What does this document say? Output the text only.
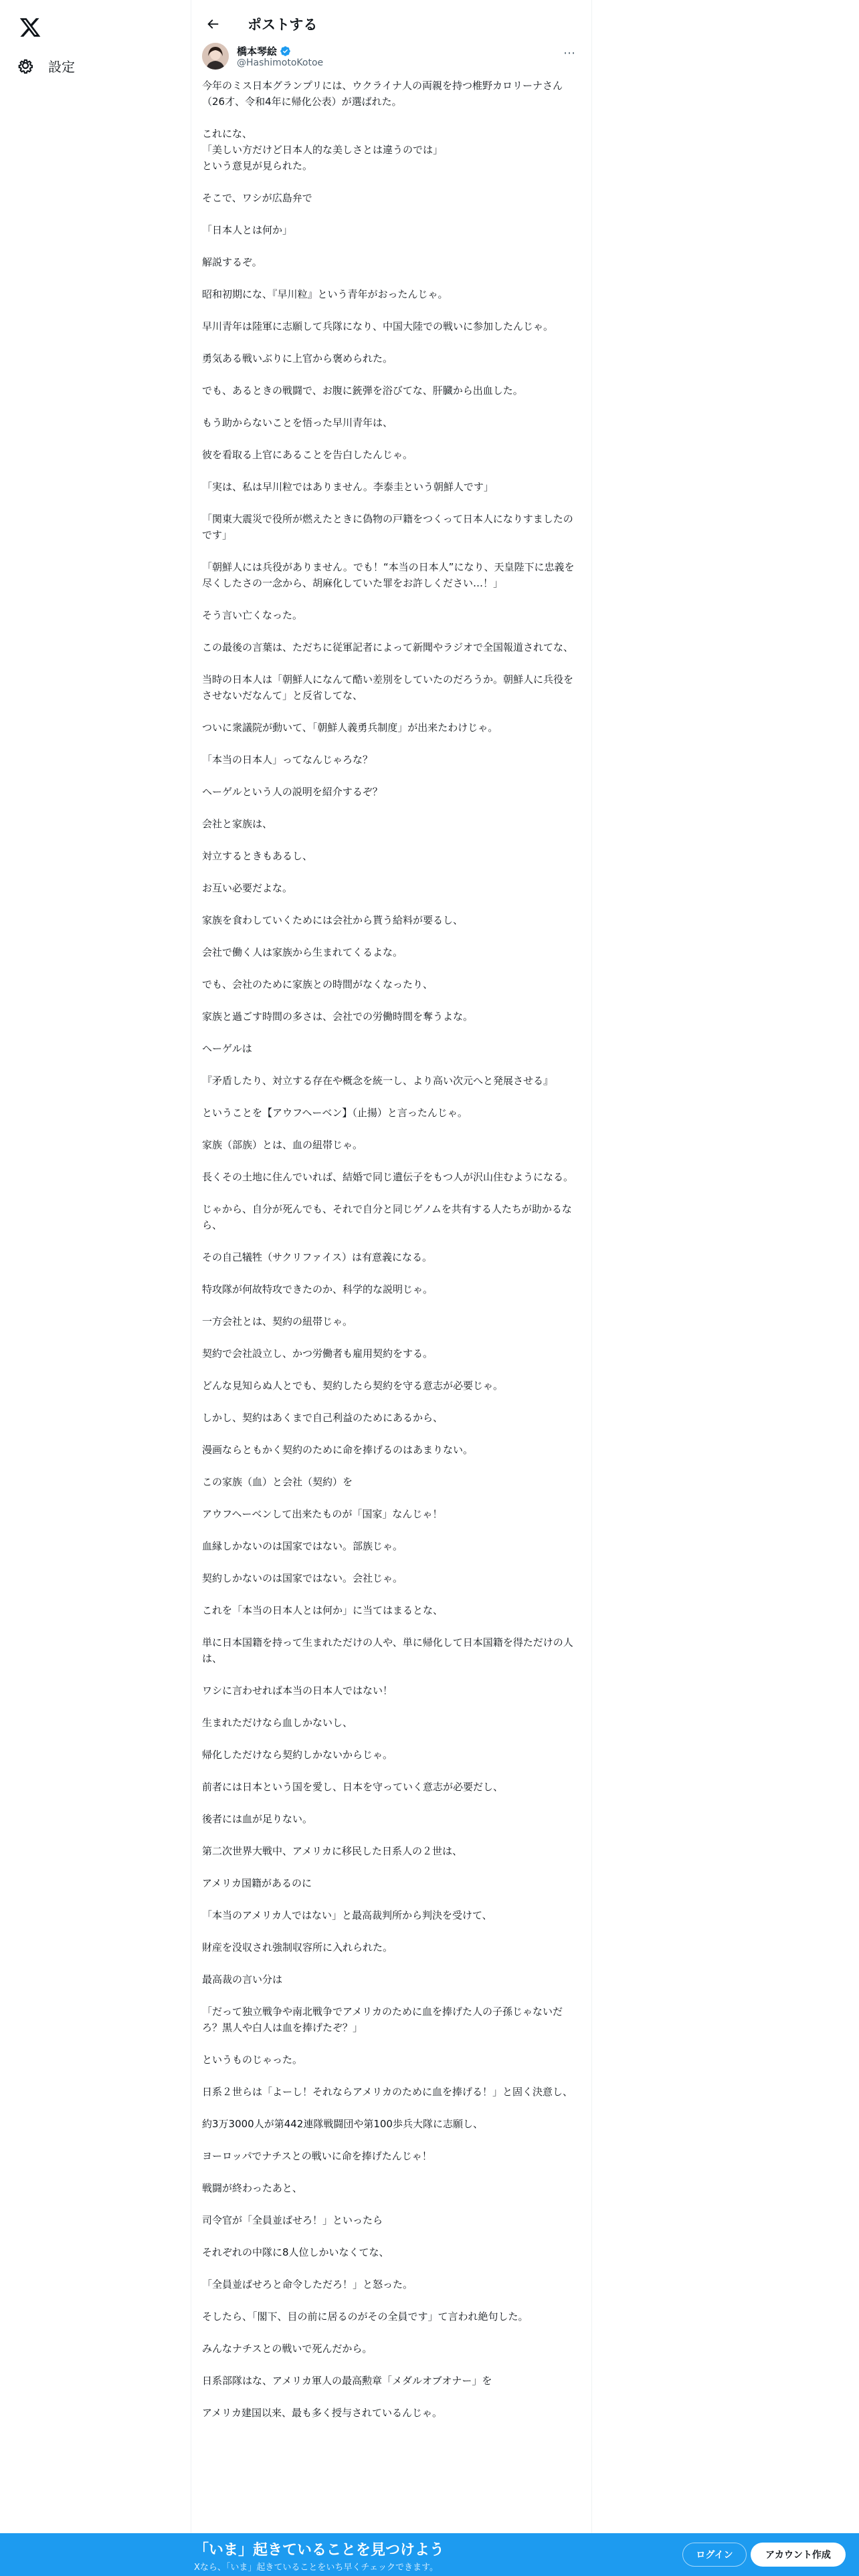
設定
ポストする
橋本琴絵
@HashimotoKotoe
⋯

今年のミス日本グランプリには、ウクライナ人の両親を持つ椎野カロリーナさん（26才、令和4年に帰化公表）が選ばれた。

これにな、
「美しい方だけど日本人的な美しさとは違うのでは」
という意見が見られた。

そこで、ワシが広島弁で

「日本人とは何か」

解説するぞ。

昭和初期にな、『早川粒』という青年がおったんじゃ。

早川青年は陸軍に志願して兵隊になり、中国大陸での戦いに参加したんじゃ。

勇気ある戦いぶりに上官から褒められた。

でも、あるときの戦闘で、お腹に銃弾を浴びてな、肝臓から出血した。

もう助からないことを悟った早川青年は、

彼を看取る上官にあることを告白したんじゃ。

「実は、私は早川粒ではありません。李泰圭という朝鮮人です」

「関東大震災で役所が燃えたときに偽物の戸籍をつくって日本人になりすましたのです」

「朝鮮人には兵役がありません。でも！“本当の日本人”になり、天皇陛下に忠義を尽くしたさの一念から、胡麻化していた罪をお許しください…！」

そう言い亡くなった。

この最後の言葉は、ただちに従軍記者によって新聞やラジオで全国報道されてな、

当時の日本人は「朝鮮人になんて酷い差別をしていたのだろうか。朝鮮人に兵役をさせないだなんて」と反省してな、

ついに衆議院が動いて、「朝鮮人義勇兵制度」が出来たわけじゃ。

「本当の日本人」ってなんじゃろな？

ヘーゲルという人の説明を紹介するぞ？

会社と家族は、

対立するときもあるし、

お互い必要だよな。

家族を食わしていくためには会社から貰う給料が要るし、

会社で働く人は家族から生まれてくるよな。

でも、会社のために家族との時間がなくなったり、

家族と過ごす時間の多さは、会社での労働時間を奪うよな。

ヘーゲルは

『矛盾したり、対立する存在や概念を統一し、より高い次元へと発展させる』

ということを【アウフヘーベン】（止揚）と言ったんじゃ。

家族（部族）とは、血の紐帯じゃ。

長くその土地に住んでいれば、結婚で同じ遺伝子をもつ人が沢山住むようになる。

じゃから、自分が死んでも、それで自分と同じゲノムを共有する人たちが助かるなら、

その自己犠牲（サクリファイス）は有意義になる。

特攻隊が何故特攻できたのか、科学的な説明じゃ。

一方会社とは、契約の紐帯じゃ。

契約で会社設立し、かつ労働者も雇用契約をする。

どんな見知らぬ人とでも、契約したら契約を守る意志が必要じゃ。

しかし、契約はあくまで自己利益のためにあるから、

漫画ならともかく契約のために命を捧げるのはあまりない。

この家族（血）と会社（契約）を

アウフヘーベンして出来たものが「国家」なんじゃ！

血縁しかないのは国家ではない。部族じゃ。

契約しかないのは国家ではない。会社じゃ。

これを「本当の日本人とは何か」に当てはまるとな、

単に日本国籍を持って生まれただけの人や、単に帰化して日本国籍を得ただけの人は、

ワシに言わせれば本当の日本人ではない！

生まれただけなら血しかないし、

帰化しただけなら契約しかないからじゃ。

前者には日本という国を愛し、日本を守っていく意志が必要だし、

後者には血が足りない。

第二次世界大戦中、アメリカに移民した日系人の２世は、

アメリカ国籍があるのに

「本当のアメリカ人ではない」と最高裁判所から判決を受けて、

財産を没収され強制収容所に入れられた。

最高裁の言い分は

「だって独立戦争や南北戦争でアメリカのために血を捧げた人の子孫じゃないだろ？黒人や白人は血を捧げたぞ？」

というものじゃった。

日系２世らは「よーし！それならアメリカのために血を捧げる！」と固く決意し、

約3万3000人が第442連隊戦闘団や第100歩兵大隊に志願し、

ヨーロッパでナチスとの戦いに命を捧げたんじゃ！

戦闘が終わったあと、

司令官が「全員並ばせろ！」といったら

それぞれの中隊に8人位しかいなくてな、

「全員並ばせろと命令しただろ！」と怒った。

そしたら、「閣下、目の前に居るのがその全員です」て言われ絶句した。

みんなナチスとの戦いで死んだから。

日系部隊はな、アメリカ軍人の最高勲章「メダルオブオナー」を

アメリカ建国以来、最も多く授与されているんじゃ。

「いま」起きていることを見つけよう
Xなら、「いま」起きていることをいち早くチェックできます。
ログイン	アカウント作成
